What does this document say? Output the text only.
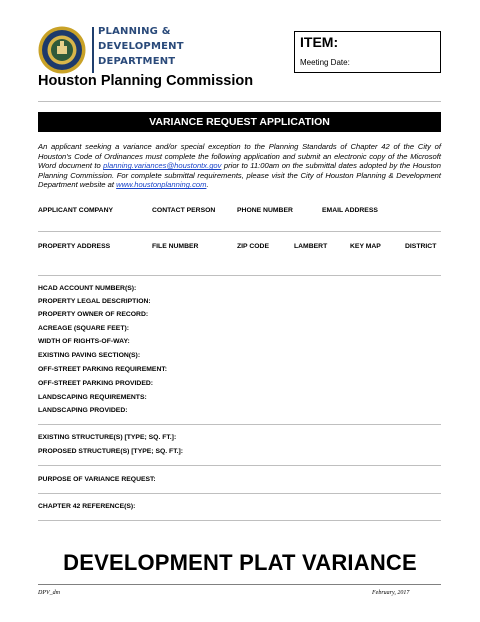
PLANNING &
DEVELOPMENT
DEPARTMENT
Houston Planning Commission
ITEM:
Meeting Date:
VARIANCE REQUEST APPLICATION
An applicant seeking a variance and/or special exception to the Planning Standards of Chapter 42 of the City of Houston's Code of Ordinances must complete the following application and submit an electronic copy of the Microsoft Word document to planning.variances@houstontx.gov prior to 11:00am on the submittal dates adopted by the Houston Planning Commission. For complete submittal requirements, please visit the City of Houston Planning & Development Department website at www.houstonplanning.com.
APPLICANT COMPANY	CONTACT PERSON	PHONE NUMBER	EMAIL ADDRESS
PROPERTY ADDRESS	FILE NUMBER	ZIP CODE	LAMBERT	KEY MAP	DISTRICT
HCAD ACCOUNT NUMBER(S):
PROPERTY LEGAL DESCRIPTION:
PROPERTY OWNER OF RECORD:
ACREAGE (SQUARE FEET):
WIDTH OF RIGHTS-OF-WAY:
EXISTING PAVING SECTION(S):
OFF-STREET PARKING REQUIREMENT:
OFF-STREET PARKING PROVIDED:
LANDSCAPING REQUIREMENTS:
LANDSCAPING PROVIDED:
EXISTING STRUCTURE(S) [TYPE; SQ. FT.]:
PROPOSED STRUCTURE(S) [TYPE; SQ. FT.]:
PURPOSE OF VARIANCE REQUEST:
CHAPTER 42 REFERENCE(S):
DEVELOPMENT PLAT VARIANCE
DPV_dm	February, 2017
